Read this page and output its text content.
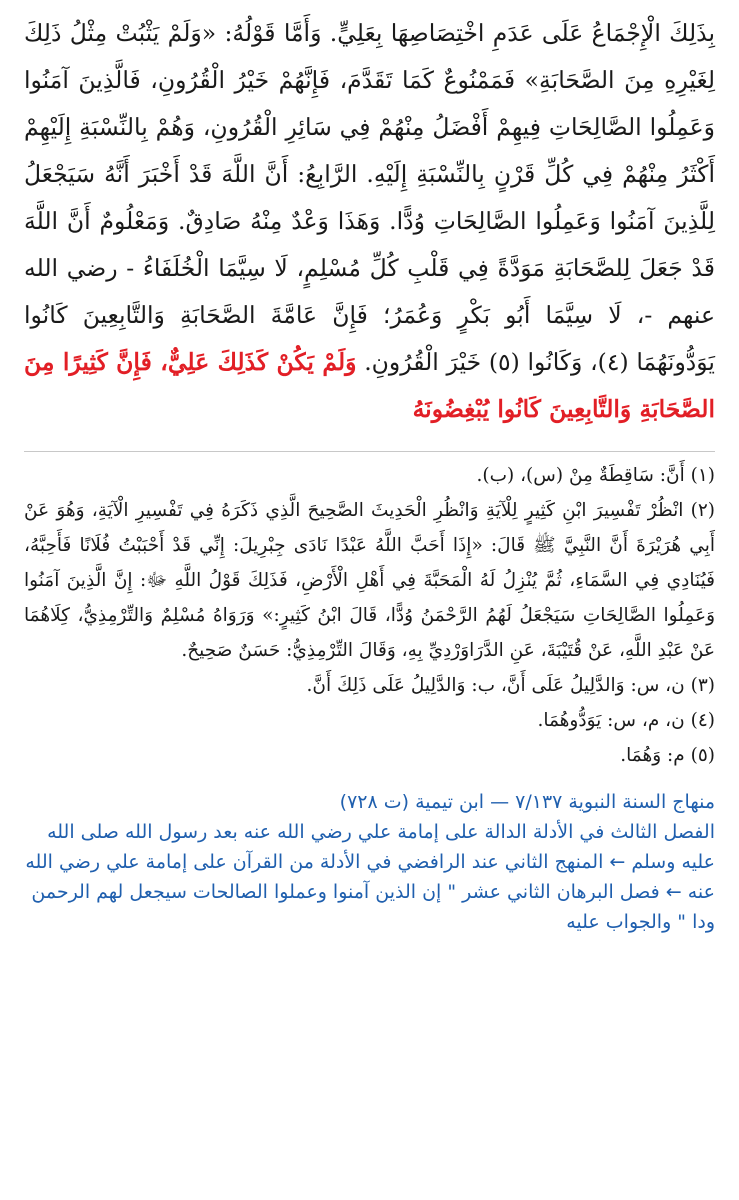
بِذَلِكَ الْإِجْمَاعُ عَلَى عَدَمِ اخْتِصَاصِهَا بِعَلِيٍّ. وَأَمَّا قَوْلُهُ: «وَلَمْ يَثْبُتْ مِثْلُ ذَلِكَ لِغَيْرِهِ مِنَ الصَّحَابَةِ» فَمَمْنُوعٌ كَمَا تَقَدَّمَ، فَإِنَّهُمْ خَيْرُ الْقُرُونِ، فَالَّذِينَ آمَنُوا وَعَمِلُوا الصَّالِحَاتِ فِيهِمْ أَفْضَلُ مِنْهُمْ فِي سَائِرِ الْقُرُونِ، وَهُمْ بِالنِّسْبَةِ إِلَيْهِمْ أَكْثَرُ مِنْهُمْ فِي كُلِّ قَرْنٍ بِالنِّسْبَةِ إِلَيْهِ. الرَّابِعُ: أَنَّ اللَّهَ قَدْ أَخْبَرَ أَنَّهُ سَيَجْعَلُ لِلَّذِينَ آمَنُوا وَعَمِلُوا الصَّالِحَاتِ وُدًّا. وَهَذَا وَعْدٌ مِنْهُ صَادِقٌ. وَمَعْلُومٌ أَنَّ اللَّهَ قَدْ جَعَلَ لِلصَّحَابَةِ مَوَدَّةً فِي قَلْبِ كُلِّ مُسْلِمٍ، لَا سِيَّمَا الْخُلَفَاءُ - رضي الله عنهم -، لَا سِيَّمَا أَبُو بَكْرٍ وَعُمَرُ؛ فَإِنَّ عَامَّةَ الصَّحَابَةِ وَالتَّابِعِينَ كَانُوا يَوَدُّونَهُمَا (٤)، وَكَانُوا (٥) خَيْرَ الْقُرُونِ. وَلَمْ يَكُنْ كَذَلِكَ عَلِيٌّ، فَإِنَّ كَثِيرًا مِنَ الصَّحَابَةِ وَالتَّابِعِينَ كَانُوا يُبْغِضُونَهُ

(١) أَنَّ: سَاقِطَةٌ مِنْ (س)، (ب).

(٢) انْظُرْ تَفْسِيرَ ابْنِ كَثِيرٍ لِلْآيَةِ وَانْظُرِ الْحَدِيثَ الصَّحِيحَ الَّذِي ذَكَرَهُ فِي تَفْسِيرِ الْآيَةِ، وَهُوَ عَنْ أَبِي هُرَيْرَةَ أَنَّ النَّبِيَّ ﷺ قَالَ: «إِذَا أَحَبَّ اللَّهُ عَبْدًا نَادَى جِبْرِيلَ: إِنِّي قَدْ أَحْبَبْتُ فُلَانًا فَأَحِبَّهُ، فَيُنَادِي فِي السَّمَاءِ، ثُمَّ يُنْزِلُ لَهُ الْمَحَبَّةَ فِي أَهْلِ الْأَرْضِ، فَذَلِكَ قَوْلُ اللَّهِ ﷻ: إِنَّ الَّذِينَ آمَنُوا وَعَمِلُوا الصَّالِحَاتِ سَيَجْعَلُ لَهُمُ الرَّحْمَنُ وُدًّا، قَالَ ابْنُ كَثِيرٍ:» وَرَوَاهُ مُسْلِمٌ وَالتِّرْمِذِيُّ، كِلَاهُمَا عَنْ عَبْدِ اللَّهِ، عَنْ قُتَيْبَةَ، عَنِ الدَّرَاوَرْدِيِّ بِهِ، وَقَالَ التِّرْمِذِيُّ: حَسَنٌ صَحِيحٌ.

(٣) ن، س: وَالدَّلِيلُ عَلَى أَنَّ، ب: وَالدَّلِيلُ عَلَى ذَلِكَ أَنَّ.

(٤) ن، م، س: يَوَدُّوهُمَا.

(٥) م: وَهُمَا.

منهاج السنة النبوية ٧/١٣٧ — ابن تيمية (ت ٧٢٨)

الفصل الثالث في الأدلة الدالة على إمامة علي رضي الله عنه بعد رسول الله صلى الله عليه وسلم ← المنهج الثاني عند الرافضي في الأدلة من القرآن على إمامة علي رضي الله عنه ← فصل البرهان الثاني عشر " إن الذين آمنوا وعملوا الصالحات سيجعل لهم الرحمن ودا " والجواب عليه
